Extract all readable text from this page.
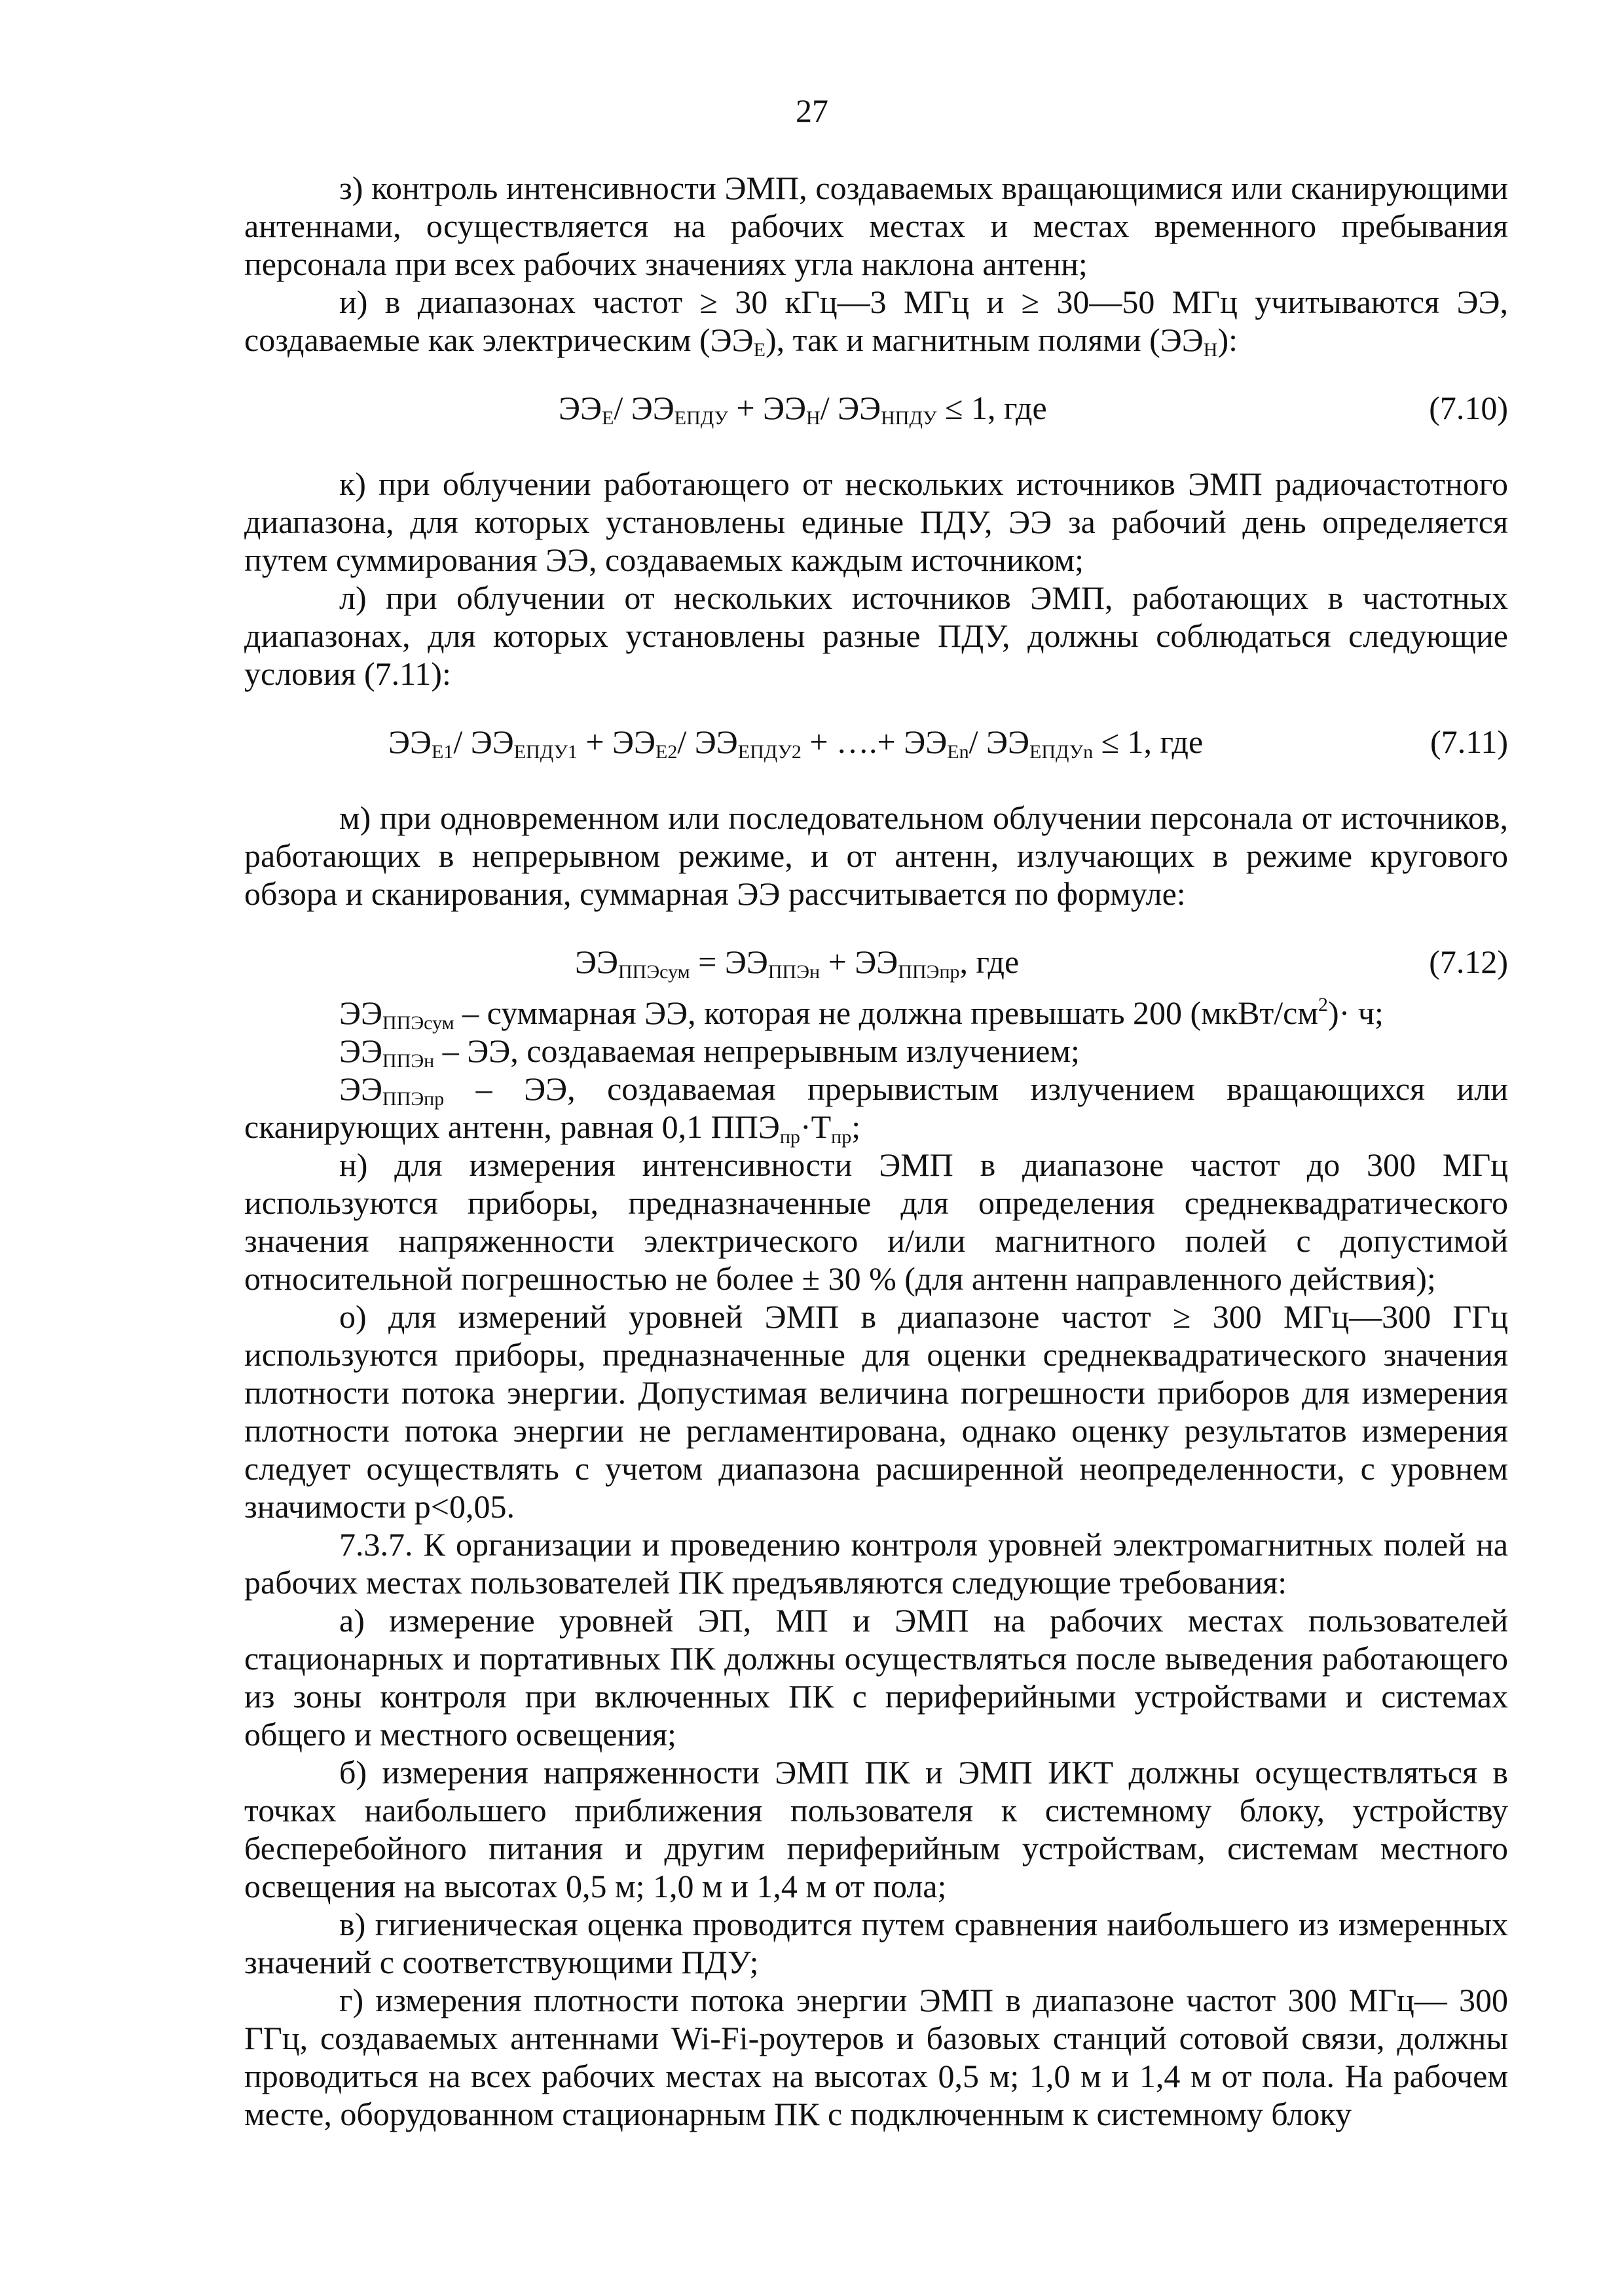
27

з) контроль интенсивности ЭМП, создаваемых вращающимися или сканирующими антеннами, осуществляется на рабочих местах и местах временного пребывания персонала при всех рабочих значениях угла наклона антенн;

и) в диапазонах частот ≥ 30 кГц—3 МГц и ≥ 30—50 МГц учитываются ЭЭ, создаваемые как электрическим $(ЭЭ_E)$, так и магнитным полями $(ЭЭ_H)$:

$ЭЭ_E/$ $ЭЭ_{ЕПДУ} + ЭЭ_H/$ $ЭЭ_{НПДУ} \le 1$, где	(7.10)

к) при облучении работающего от нескольких источников ЭМП радиочастотного диапазона, для которых установлены единые ПДУ, ЭЭ за рабочий день определяется путем суммирования ЭЭ, создаваемых каждым источником;

л) при облучении от нескольких источников ЭМП, работающих в частотных диапазонах, для которых установлены разные ПДУ, должны соблюдаться следующие условия (7.11):

$ЭЭ_{E1}/$ $ЭЭ_{ЕПДУ1} + ЭЭ_{E2}/$ $ЭЭ_{ЕПДУ2}$ + ….+ $ЭЭ_{En}/$ $ЭЭ_{ЕПДУn} \le 1$, где	(7.11)

м) при одновременном или последовательном облучении персонала от источников, работающих в непрерывном режиме, и от антенн, излучающих в режиме кругового обзора и сканирования, суммарная ЭЭ рассчитывается по формуле:

$ЭЭ_{ППЭсум} = ЭЭ_{ППЭн} + ЭЭ_{ППЭпр}$, где	(7.12)

$ЭЭ_{ППЭсум}$ – суммарная ЭЭ, которая не должна превышать 200 $(мкВт/см^2)\cdot ч$;

$ЭЭ_{ППЭн}$ – ЭЭ, создаваемая непрерывным излучением;

$ЭЭ_{ППЭпр}$ – ЭЭ, создаваемая прерывистым излучением вращающихся или сканирующих антенн, равная 0,1 $ППЭ_{пр}\cdot T_{пр}$;

н) для измерения интенсивности ЭМП в диапазоне частот до 300 МГц используются приборы, предназначенные для определения среднеквадратического значения напряженности электрического и/или магнитного полей с допустимой относительной погрешностью не более ± 30 % (для антенн направленного действия);

о) для измерений уровней ЭМП в диапазоне частот ≥ 300 МГц—300 ГГц используются приборы, предназначенные для оценки среднеквадратического значения плотности потока энергии. Допустимая величина погрешности приборов для измерения плотности потока энергии не регламентирована, однако оценку результатов измерения следует осуществлять с учетом диапазона расширенной неопределенности, с уровнем значимости p<0,05.

7.3.7. К организации и проведению контроля уровней электромагнитных полей на рабочих местах пользователей ПК предъявляются следующие требования:

а) измерение уровней ЭП, МП и ЭМП на рабочих местах пользователей стационарных и портативных ПК должны осуществляться после выведения работающего из зоны контроля при включенных ПК с периферийными устройствами и системах общего и местного освещения;

б) измерения напряженности ЭМП ПК и ЭМП ИКТ должны осуществляться в точках наибольшего приближения пользователя к системному блоку, устройству бесперебойного питания и другим периферийным устройствам, системам местного освещения на высотах 0,5 м; 1,0 м и 1,4 м от пола;

в) гигиеническая оценка проводится путем сравнения наибольшего из измеренных значений с соответствующими ПДУ;

г) измерения плотности потока энергии ЭМП в диапазоне частот 300 МГц— 300 ГГц, создаваемых антеннами Wi-Fi-роутеров и базовых станций сотовой связи, должны проводиться на всех рабочих местах на высотах 0,5 м; 1,0 м и 1,4 м от пола. На рабочем месте, оборудованном стационарным ПК с подключенным к системному блоку
